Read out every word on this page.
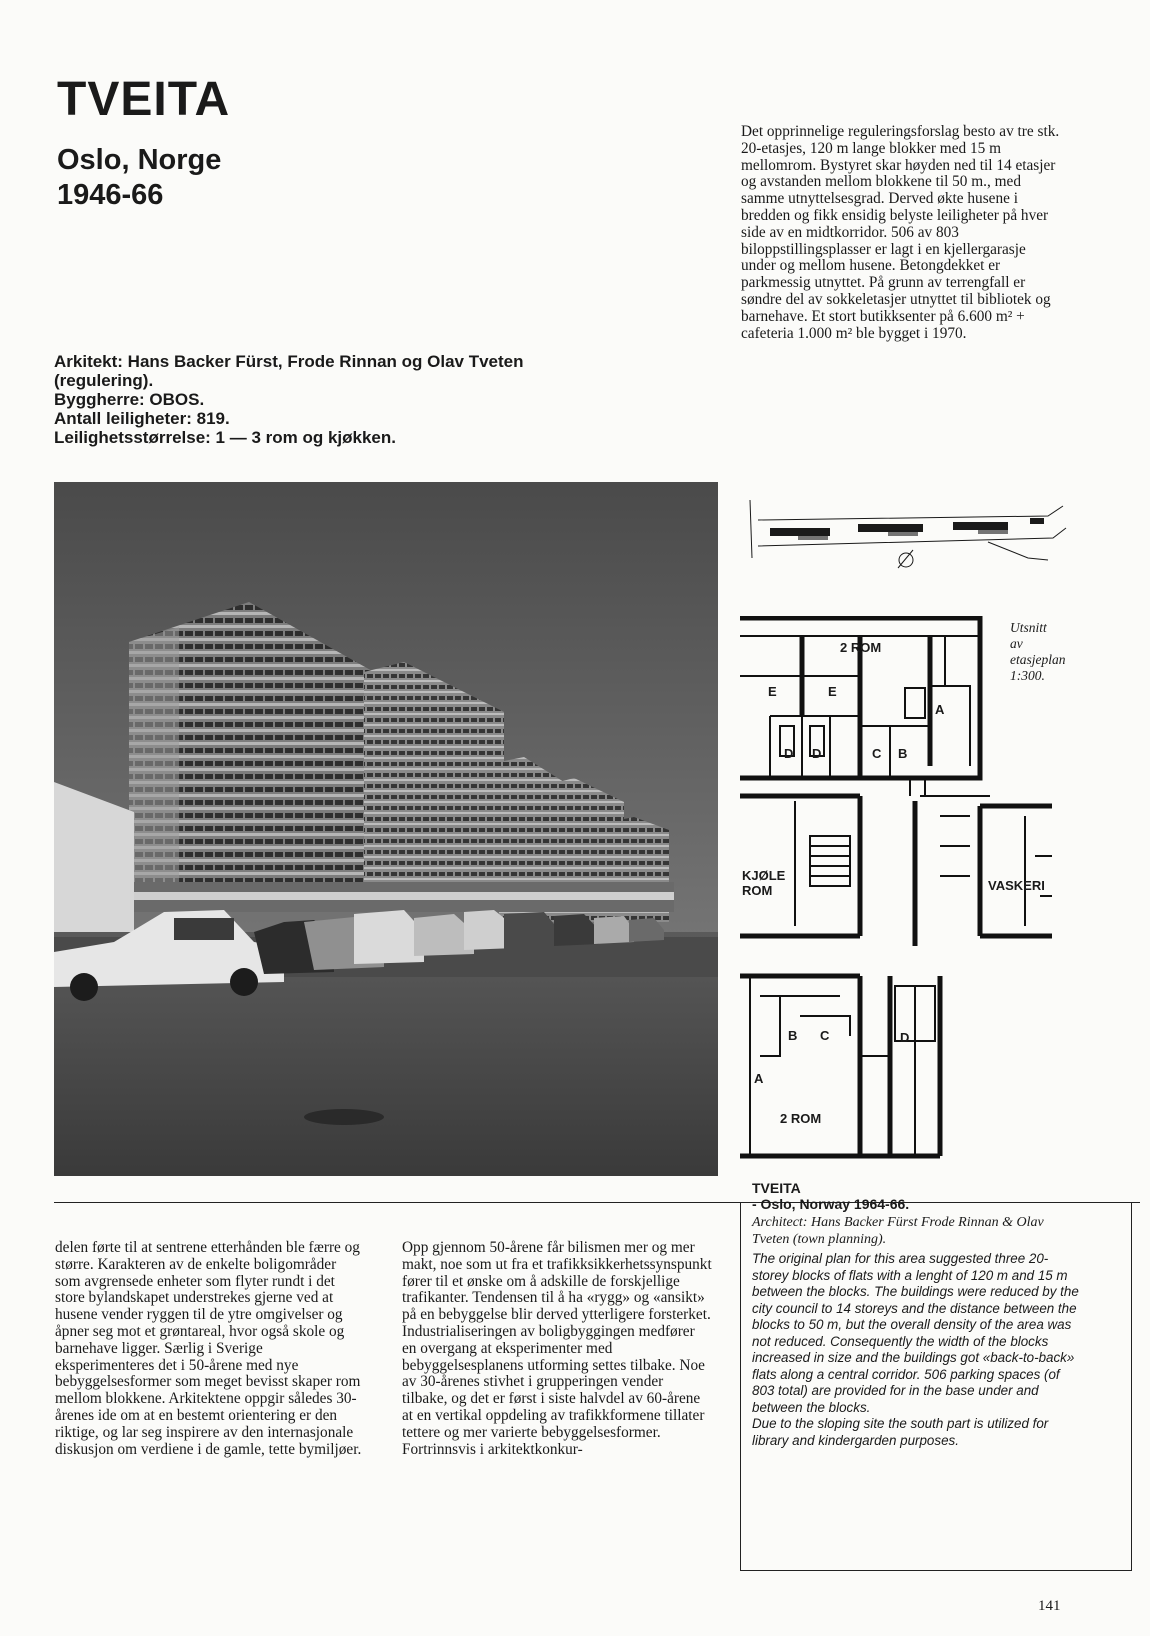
TVEITA
Oslo, Norge
1946-66
Arkitekt: Hans Backer Fürst, Frode Rinnan og Olav Tveten
(regulering).
Byggherre: OBOS.
Antall leiligheter: 819.
Leilighetsstørrelse: 1 — 3 rom og kjøkken.

Det opprinnelige reguleringsforslag besto av tre stk. 20-etasjes, 120 m lange blokker med 15 m mellomrom. Bystyret skar høyden ned til 14 etasjer og avstanden mellom blokkene til 50 m., med samme utnyttelsesgrad. Derved økte husene i bredden og fikk ensidig belyste leiligheter på hver side av en midtkorridor. 506 av 803 biloppstillingsplasser er lagt i en kjellergarasje under og mellom husene. Betongdekket er parkmessig utnyttet. På grunn av terrengfall er søndre del av sokkeletasjer utnyttet til bibliotek og barnehave. Et stort butikksenter på 6.600 m² + cafeteria 1.000 m² ble bygget i 1970.

2 ROM
E	E
D D
A
B
C
KJØLE
ROM	VASKERI
B C	D
A
2 ROM
Utsnitt
av
etasjeplan
1:300.

delen førte til at sentrene etterhånden ble færre og større. Karakteren av de enkelte boligområder som avgrensede enheter som flyter rundt i det store bylandskapet understrekes gjerne ved at husene vender ryggen til de ytre omgivelser og åpner seg mot et grøntareal, hvor også skole og barnehave ligger. Særlig i Sverige eksperimenteres det i 50-årene med nye bebyggelsesformer som meget bevisst skaper rom mellom blokkene. Arkitektene oppgir således 30-årenes ide om at en bestemt orientering er den riktige, og lar seg inspirere av den internasjonale diskusjon om verdiene i de gamle, tette bymiljøer.

Opp gjennom 50-årene får bilismen mer og mer makt, noe som ut fra et trafikksikkerhetssynspunkt fører til et ønske om å adskille de forskjellige trafikanter. Tendensen til å ha «rygg» og «ansikt» på en bebyggelse blir derved ytterligere forsterket.

Industrialiseringen av boligbyggingen medfører en overgang at eksperimenter med bebyggelsesplanens utforming settes tilbake. Noe av 30-årenes stivhet i grupperingen vender tilbake, og det er først i siste halvdel av 60-årene at en vertikal oppdeling av trafikkformene tillater tettere og mer varierte bebyggelsesformer. Fortrinnsvis i arkitektkonkur-

TVEITA
- Oslo, Norway 1964-66.

Architect: Hans Backer Fürst Frode Rinnan & Olav Tveten (town planning).

The original plan for this area suggested three 20-storey blocks of flats with a lenght of 120 m and 15 m between the blocks. The buildings were reduced by the city council to 14 storeys and the distance between the blocks to 50 m, but the overall density of the area was not reduced. Consequently the width of the blocks increased in size and the buildings got «back-to-back» flats along a central corridor. 506 parking spaces (of 803 total) are provided for in the base under and between the blocks.

Due to the sloping site the south part is utilized for library and kindergarden purposes.

141
